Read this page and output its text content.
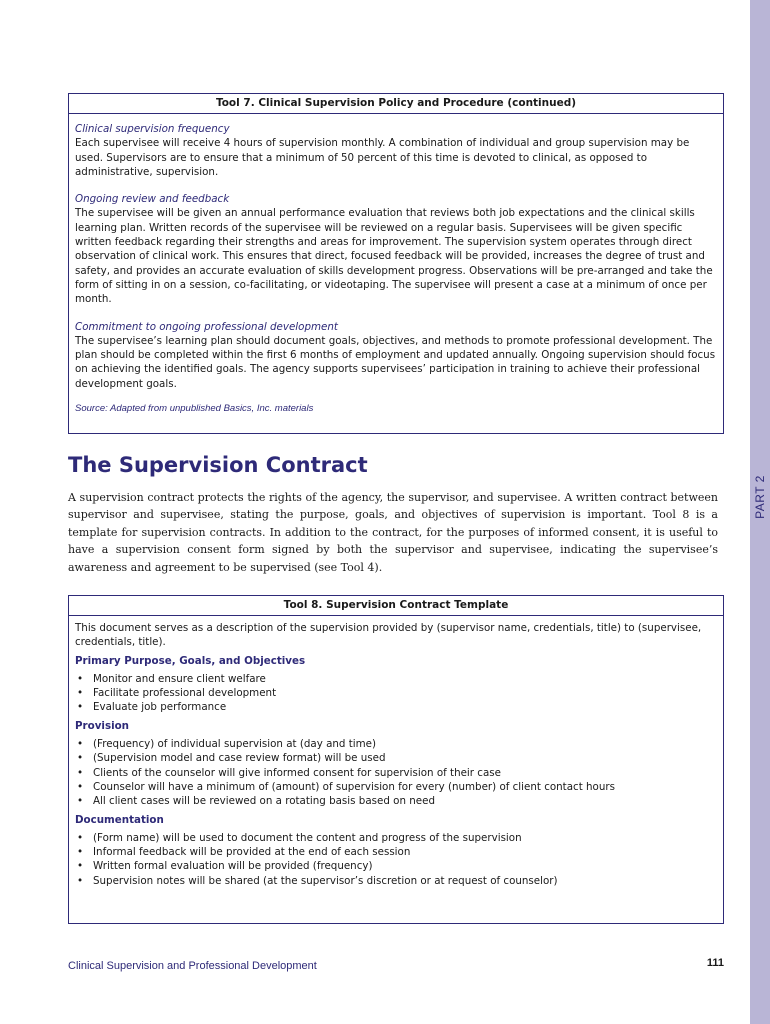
PART 2
Tool 7. Clinical Supervision Policy and Procedure (continued)
Clinical supervision frequency
Each supervisee will receive 4 hours of supervision monthly. A combination of individual and group supervision may be used. Supervisors are to ensure that a minimum of 50 percent of this time is devoted to clinical, as opposed to administrative, supervision.
Ongoing review and feedback
The supervisee will be given an annual performance evaluation that reviews both job expectations and the clinical skills learning plan. Written records of the supervisee will be reviewed on a regular basis. Supervisees will be given specific written feedback regarding their strengths and areas for improvement. The supervision system operates through direct observation of clinical work. This ensures that direct, focused feedback will be provided, increases the degree of trust and safety, and provides an accurate evaluation of skills development progress. Observations will be pre-arranged and take the form of sitting in on a session, co-facilitating, or videotaping. The supervisee will present a case at a minimum of once per month.
Commitment to ongoing professional development
The supervisee’s learning plan should document goals, objectives, and methods to promote professional development. The plan should be completed within the first 6 months of employment and updated annually. Ongoing supervision should focus on achieving the identified goals. The agency supports supervisees’ participation in training to achieve their professional development goals.
Source: Adapted from unpublished Basics, Inc. materials
The Supervision Contract

A supervision contract protects the rights of the agency, the supervisor, and supervisee. A written contract between supervisor and supervisee, stating the purpose, goals, and objectives of supervision is important. Tool 8 is a template for supervision contracts. In addition to the contract, for the purposes of informed consent, it is useful to have a supervision consent form signed by both the supervisor and supervisee, indicating the supervisee’s awareness and agreement to be supervised (see Tool 4).

Tool 8. Supervision Contract Template
This document serves as a description of the supervision provided by (supervisor name, credentials, title) to (supervisee, credentials, title).
Primary Purpose, Goals, and Objectives
• Monitor and ensure client welfare
• Facilitate professional development
• Evaluate job performance
Provision
• (Frequency) of individual supervision at (day and time)
• (Supervision model and case review format) will be used
• Clients of the counselor will give informed consent for supervision of their case
• Counselor will have a minimum of (amount) of supervision for every (number) of client contact hours
• All client cases will be reviewed on a rotating basis based on need
Documentation
• (Form name) will be used to document the content and progress of the supervision
• Informal feedback will be provided at the end of each session
• Written formal evaluation will be provided (frequency)
• Supervision notes will be shared (at the supervisor’s discretion or at request of counselor)
Clinical Supervision and Professional Development	111
